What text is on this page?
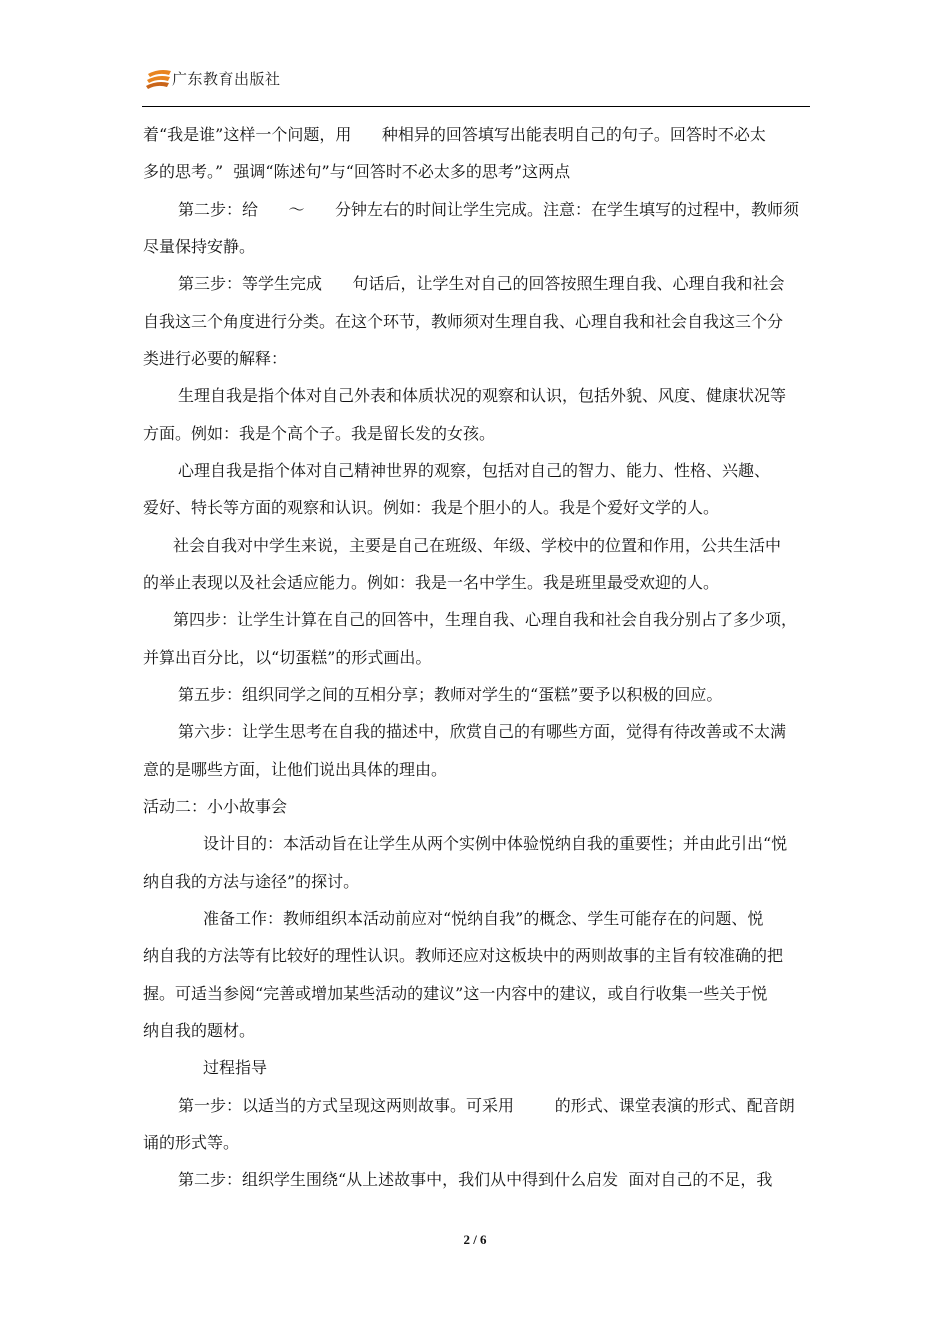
广东教育出版社
着“我是谁”这样一个问题，用      种相异的回答填写出能表明自己的句子。回答时不必太
多的思考。”  强调“陈述句”与“回答时不必太多的思考”这两点
第二步：给      ～      分钟左右的时间让学生完成。注意：在学生填写的过程中，教师须
尽量保持安静。
第三步：等学生完成      句话后，让学生对自己的回答按照生理自我、心理自我和社会
自我这三个角度进行分类。在这个环节，教师须对生理自我、心理自我和社会自我这三个分
类进行必要的解释：
生理自我是指个体对自己外表和体质状况的观察和认识，包括外貌、风度、健康状况等
方面。例如：我是个高个子。我是留长发的女孩。
心理自我是指个体对自己精神世界的观察，包括对自己的智力、能力、性格、兴趣、
爱好、特长等方面的观察和认识。例如：我是个胆小的人。我是个爱好文学的人。
社会自我对中学生来说，主要是自己在班级、年级、学校中的位置和作用，公共生活中
的举止表现以及社会适应能力。例如：我是一名中学生。我是班里最受欢迎的人。
第四步：让学生计算在自己的回答中，生理自我、心理自我和社会自我分别占了多少项，
并算出百分比，以“切蛋糕”的形式画出。
第五步：组织同学之间的互相分享；教师对学生的“蛋糕”要予以积极的回应。
第六步：让学生思考在自我的描述中，欣赏自己的有哪些方面，觉得有待改善或不太满
意的是哪些方面，让他们说出具体的理由。
活动二：小小故事会
设计目的：本活动旨在让学生从两个实例中体验悦纳自我的重要性；并由此引出“悦
纳自我的方法与途径”的探讨。
准备工作：教师组织本活动前应对“悦纳自我”的概念、学生可能存在的问题、悦
纳自我的方法等有比较好的理性认识。教师还应对这板块中的两则故事的主旨有较准确的把
握。可适当参阅“完善或增加某些活动的建议”这一内容中的建议，或自行收集一些关于悦
纳自我的题材。
过程指导
第一步：以适当的方式呈现这两则故事。可采用        的形式、课堂表演的形式、配音朗
诵的形式等。
第二步：组织学生围绕“从上述故事中，我们从中得到什么启发  面对自己的不足，我
2 / 6
